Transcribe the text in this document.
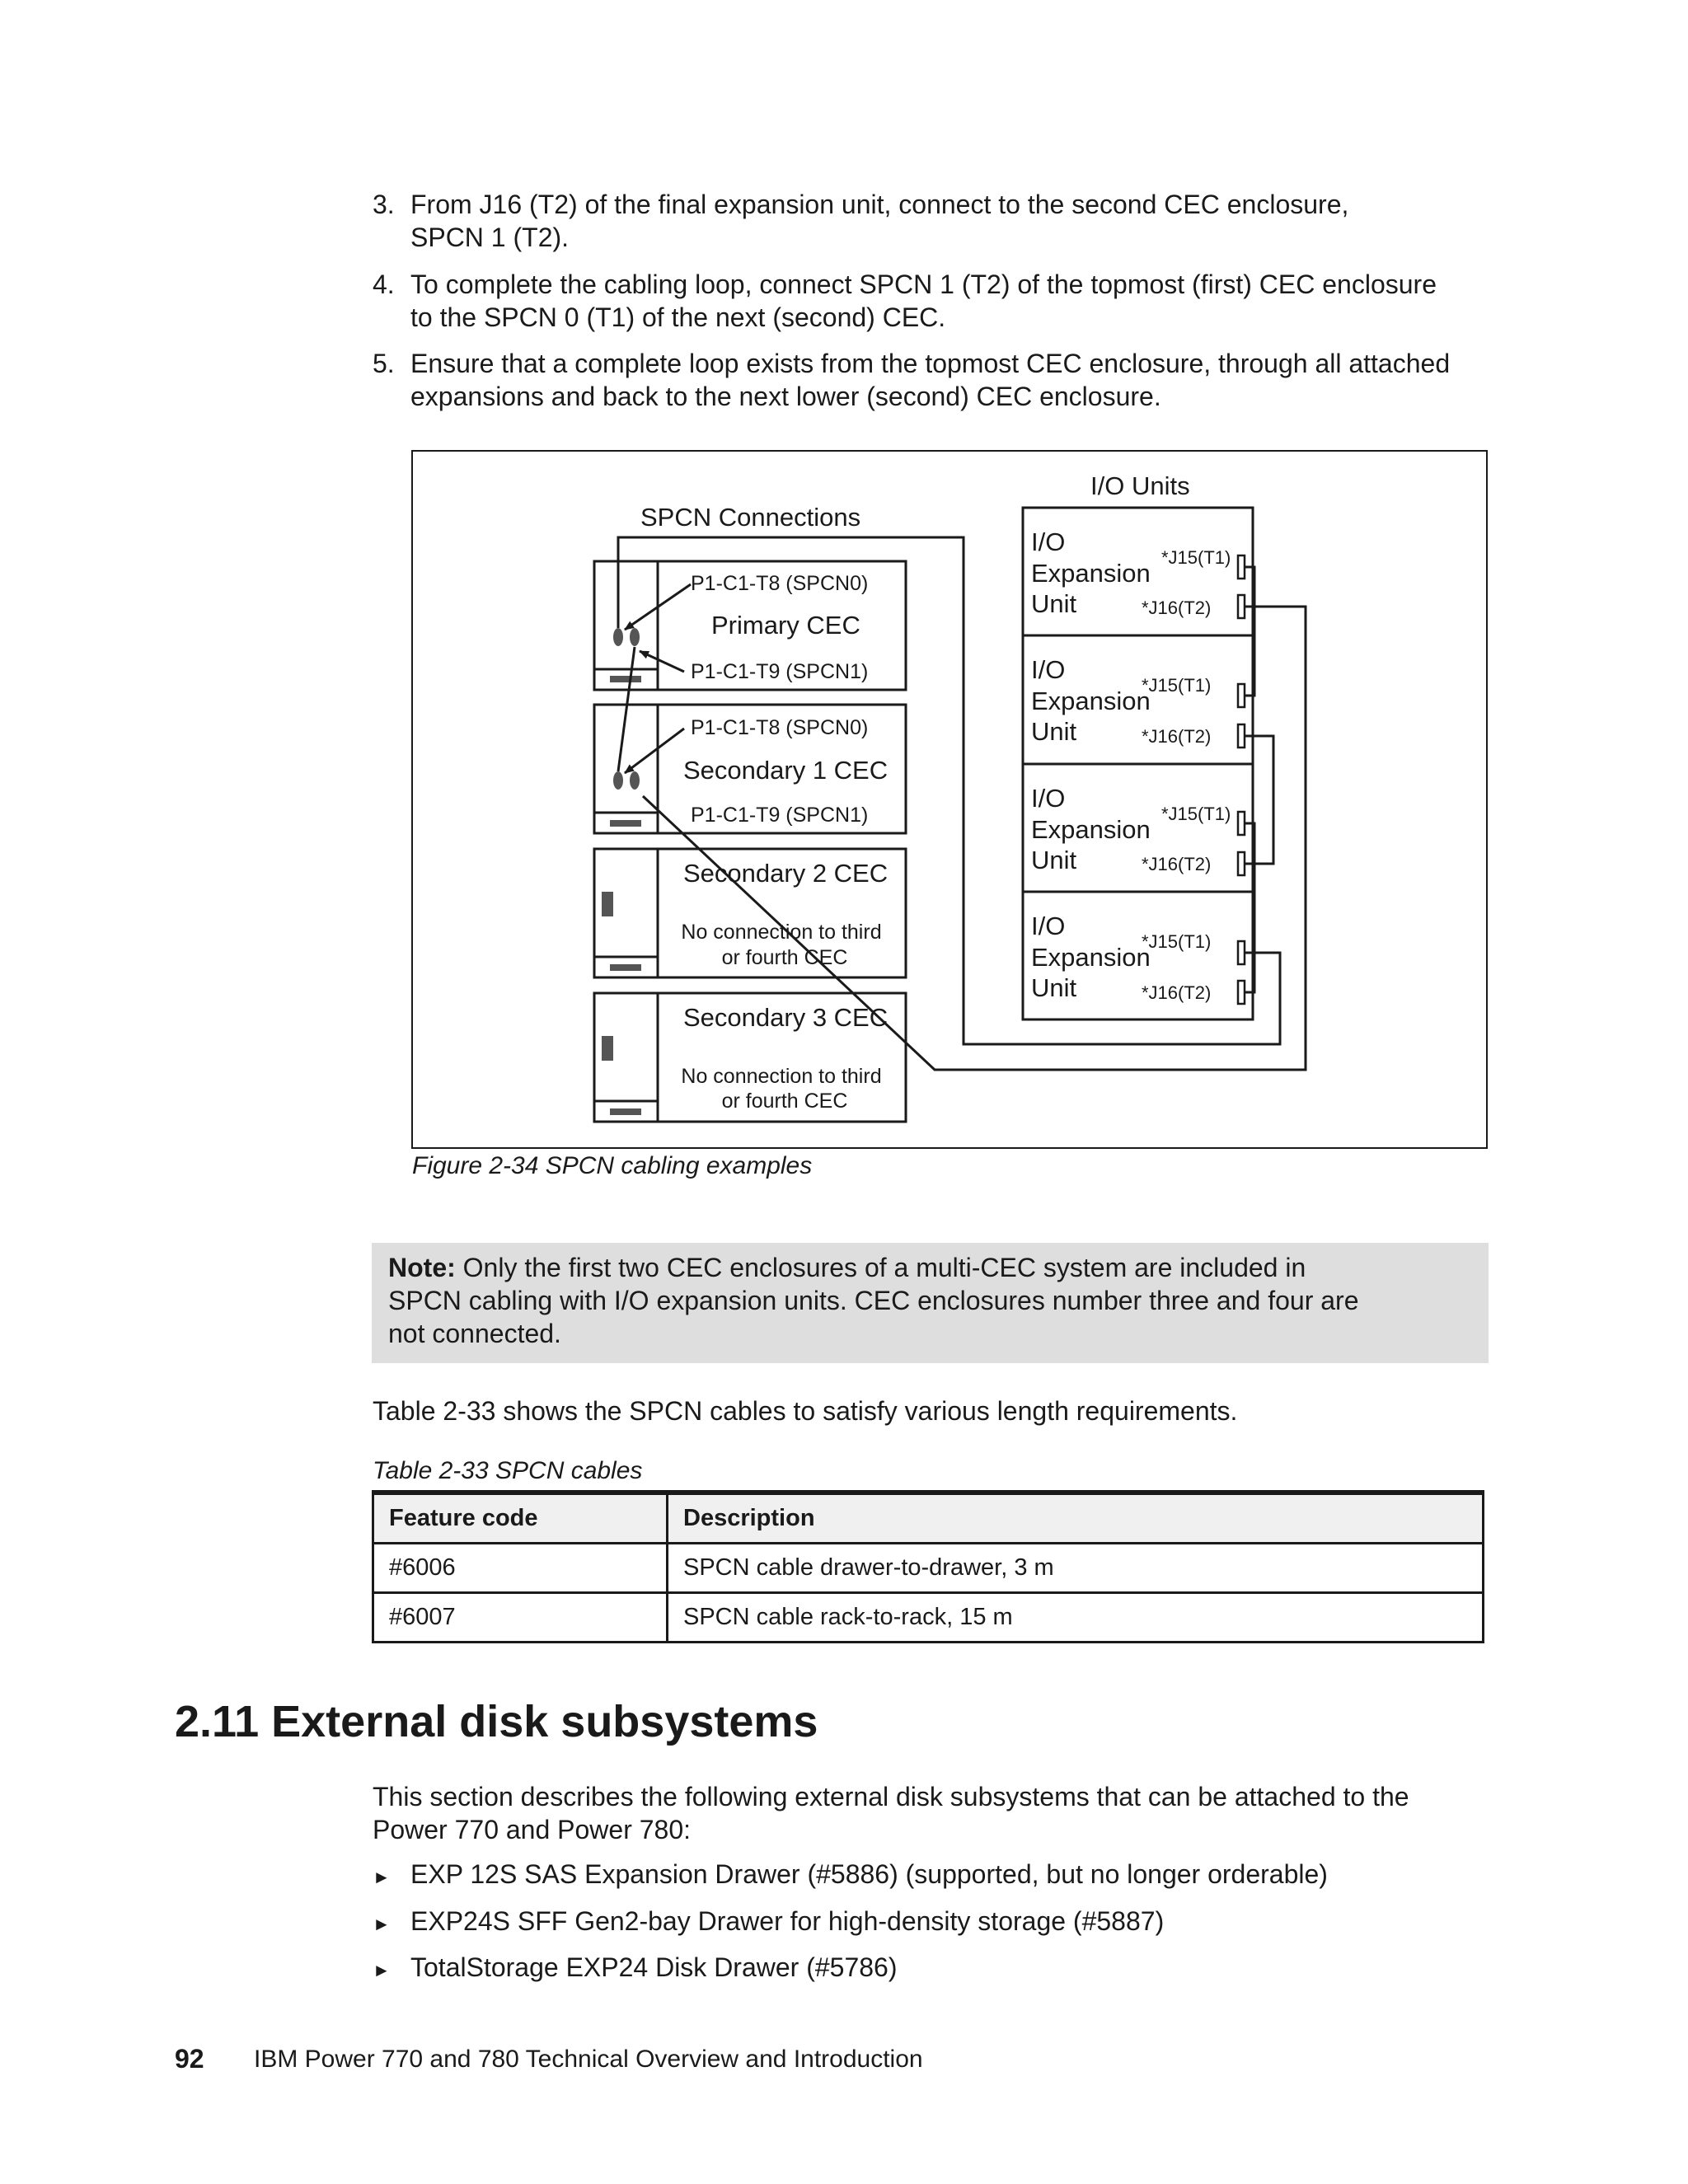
3. From J16 (T2) of the final expansion unit, connect to the second CEC enclosure,
SPCN 1 (T2).
4. To complete the cabling loop, connect SPCN 1 (T2) of the topmost (first) CEC enclosure
to the SPCN 0 (T1) of the next (second) CEC.
5. Ensure that a complete loop exists from the topmost CEC enclosure, through all attached
expansions and back to the next lower (second) CEC enclosure.
SPCN Connections
I/O Units
P1-C1-T8 (SPCN0)
Primary CEC
P1-C1-T9 (SPCN1)
P1-C1-T8 (SPCN0)
Secondary 1 CEC
P1-C1-T9 (SPCN1)
Secondary 2 CEC
No connection to third
or fourth CEC
Secondary 3 CEC
No connection to third
or fourth CEC
I/O
Expansion
Unit
I/O
Expansion
Unit
I/O
Expansion
Unit
I/O
Expansion
Unit
*J15(T1)
*J16(T2)
*J15(T1)
*J16(T2)
*J15(T1)
*J16(T2)
*J15(T1)
*J16(T2)
Figure 2-34 SPCN cabling examples
Note: Only the first two CEC enclosures of a multi-CEC system are included in
SPCN cabling with I/O expansion units. CEC enclosures number three and four are
not connected.
Table 2-33 shows the SPCN cables to satisfy various length requirements.
Table 2-33 SPCN cables
Feature code	Description
#6006	SPCN cable drawer-to-drawer, 3 m
#6007	SPCN cable rack-to-rack, 15 m
2.11 External disk subsystems
This section describes the following external disk subsystems that can be attached to the
Power 770 and Power 780:
► EXP 12S SAS Expansion Drawer (#5886) (supported, but no longer orderable)
► EXP24S SFF Gen2-bay Drawer for high-density storage (#5887)
► TotalStorage EXP24 Disk Drawer (#5786)
92 IBM Power 770 and 780 Technical Overview and Introduction
